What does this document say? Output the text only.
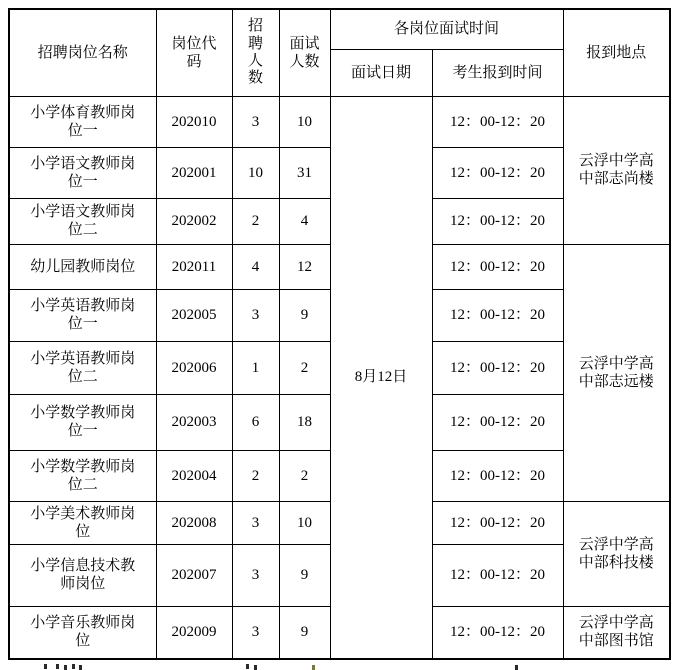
招聘岗位名称	岗位代码	招聘人数	面试人数	各岗位面试时间		报到地点
				面试日期	考生报到时间	

小学体育教师岗位一	202010	3	10	8月12日	12：00-12：20	云浮中学高中部志尚楼

小学语文教师岗位一	202001	10	31		12：00-12：20	

小学语文教师岗位二	202002	2	4		12：00-12：20	

幼儿园教师岗位	202011	4	12		12：00-12：20	云浮中学高中部志远楼

小学英语教师岗位一	202005	3	9		12：00-12：20	

小学英语教师岗位二	202006	1	2		12：00-12：20	

小学数学教师岗位一	202003	6	18		12：00-12：20	

小学数学教师岗位二	202004	2	2		12：00-12：20	

小学美术教师岗位	202008	3	10		12：00-12：20	云浮中学高中部科技楼

小学信息技术教师岗位	202007	3	9		12：00-12：20	

小学音乐教师岗位	202009	3	9		12：00-12：20	云浮中学高中部图书馆
